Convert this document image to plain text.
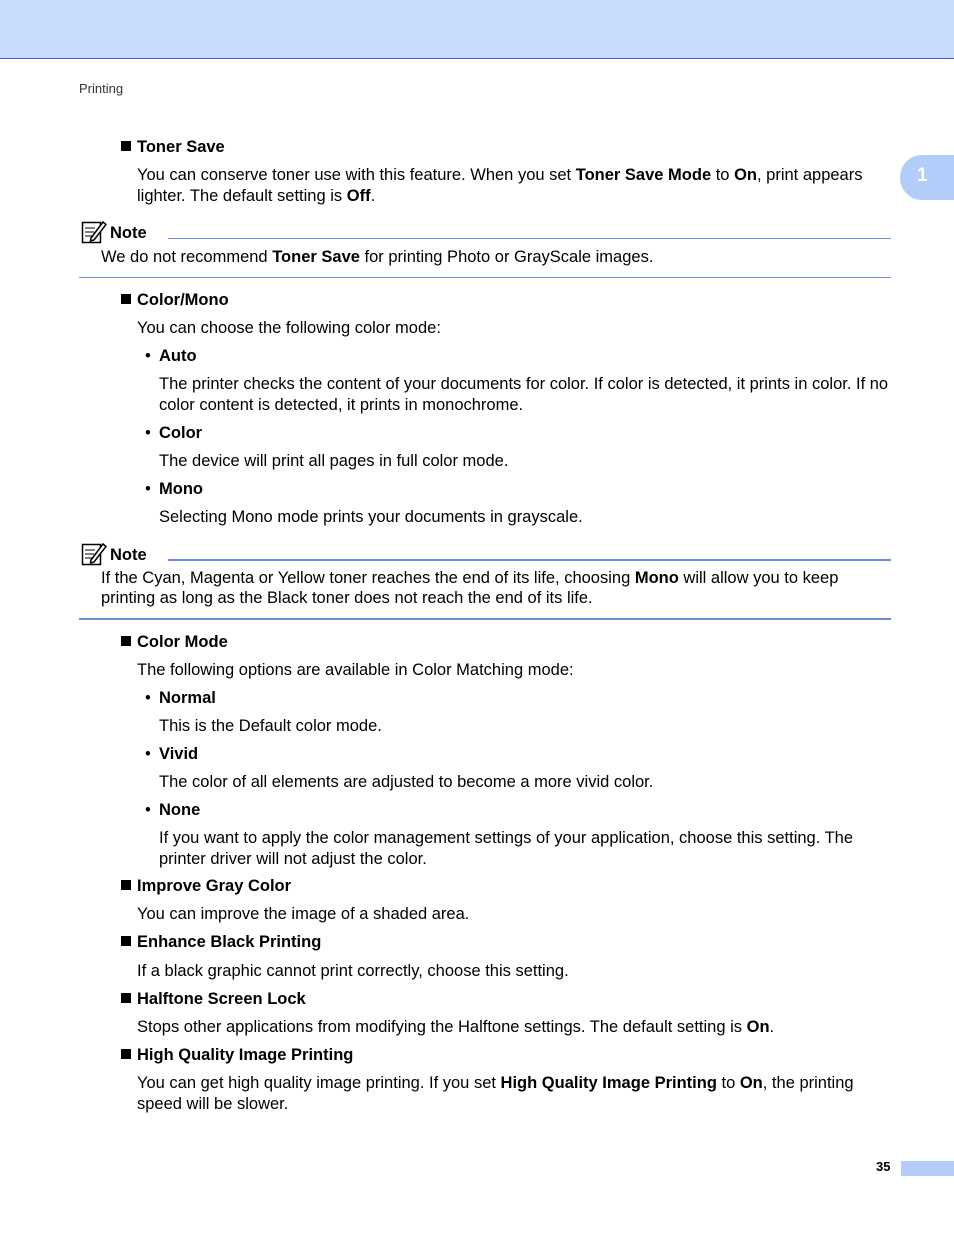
Printing
1
Toner Save
You can conserve toner use with this feature. When you set Toner Save Mode to On, print appears lighter. The default setting is Off.
Note
We do not recommend Toner Save for printing Photo or GrayScale images.
Color/Mono
You can choose the following color mode:
• Auto
The printer checks the content of your documents for color. If color is detected, it prints in color. If no color content is detected, it prints in monochrome.
• Color
The device will print all pages in full color mode.
• Mono
Selecting Mono mode prints your documents in grayscale.
Note
If the Cyan, Magenta or Yellow toner reaches the end of its life, choosing Mono will allow you to keep printing as long as the Black toner does not reach the end of its life.
Color Mode
The following options are available in Color Matching mode:
• Normal
This is the Default color mode.
• Vivid
The color of all elements are adjusted to become a more vivid color.
• None
If you want to apply the color management settings of your application, choose this setting. The printer driver will not adjust the color.
Improve Gray Color
You can improve the image of a shaded area.
Enhance Black Printing
If a black graphic cannot print correctly, choose this setting.
Halftone Screen Lock
Stops other applications from modifying the Halftone settings. The default setting is On.
High Quality Image Printing
You can get high quality image printing. If you set High Quality Image Printing to On, the printing speed will be slower.
35
